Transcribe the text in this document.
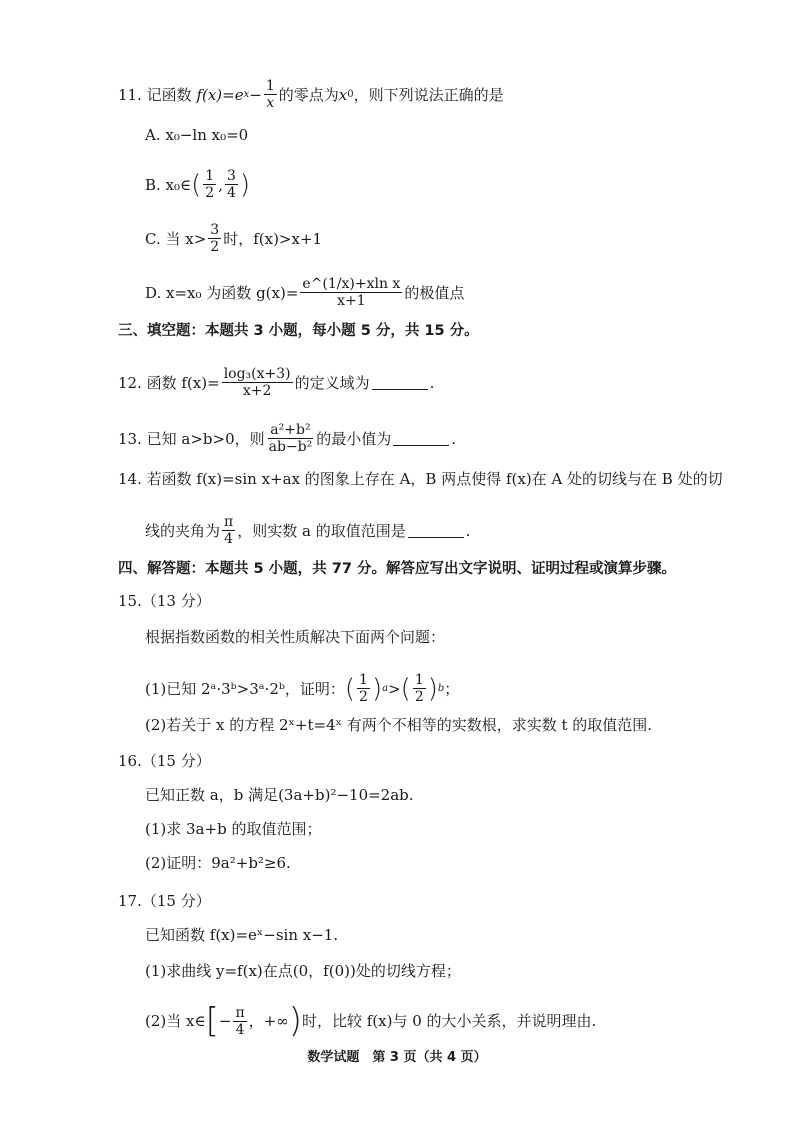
11.
记函数
f(x)=e $x - \frac{1}{x}$ 的零点为 x 0 ，则下列说法正确的是
A. x₀−ln x₀=0
B. x₀∈ ( $\frac{1}{2}$ , $\frac{3}{4}$ )
C. 当 $x> \frac{3}{2}$ 时，f(x)>x+1
D. x=x₀ 为函数 $g(x)= \frac{\text{e\textasciicircum{}(1/x)+xln x}}{x+1}$ 的极值点
三、填空题：本题共 3 小题，每小题 5 分，共 15 分。
12. 函数 $f(x)= \frac{\text{log₃(x+3)}}{x+2}$ 的定义域为	.
13. 已知 a>b>0，则 $\frac{\text{a²+b²}}{\text{ab−b²}}$ 的最小值为	.
14. 若函数 f(x)=sin x+ax 的图象上存在 A，B 两点使得 f(x)在 A 处的切线与在 B 处的切
线的夹角为 $\frac{\pi}{4}$ ，则实数 a 的取值范围是	.
四、解答题：本题共 5 小题，共 77 分。解答应写出文字说明、证明过程或演算步骤。
15.（13 分）
根据指数函数的相关性质解决下面两个问题：
(1)已知 2ᵃ·3ᵇ>3ᵃ·2ᵇ，证明： ( $\frac{1}{2}$ ) a > ( $\frac{1}{2}$ ) b ；
(2)若关于 x 的方程 2ˣ+t=4ˣ 有两个不相等的实数根，求实数 t 的取值范围.
16.（15 分）
已知正数 a，b 满足(3a+b)²−10=2ab.
(1)求 3a+b 的取值范围；
(2)证明：9a²+b²≥6.
17.（15 分）
已知函数 f(x)=eˣ−sin x−1.
(1)求曲线 y=f(x)在点(0，f(0))处的切线方程；
(2)当 x∈ [ − $\frac{\pi}{4}$ ，+∞ ) 时，比较 f(x)与 0 的大小关系，并说明理由.
数学试题　第 3 页（共 4 页）
